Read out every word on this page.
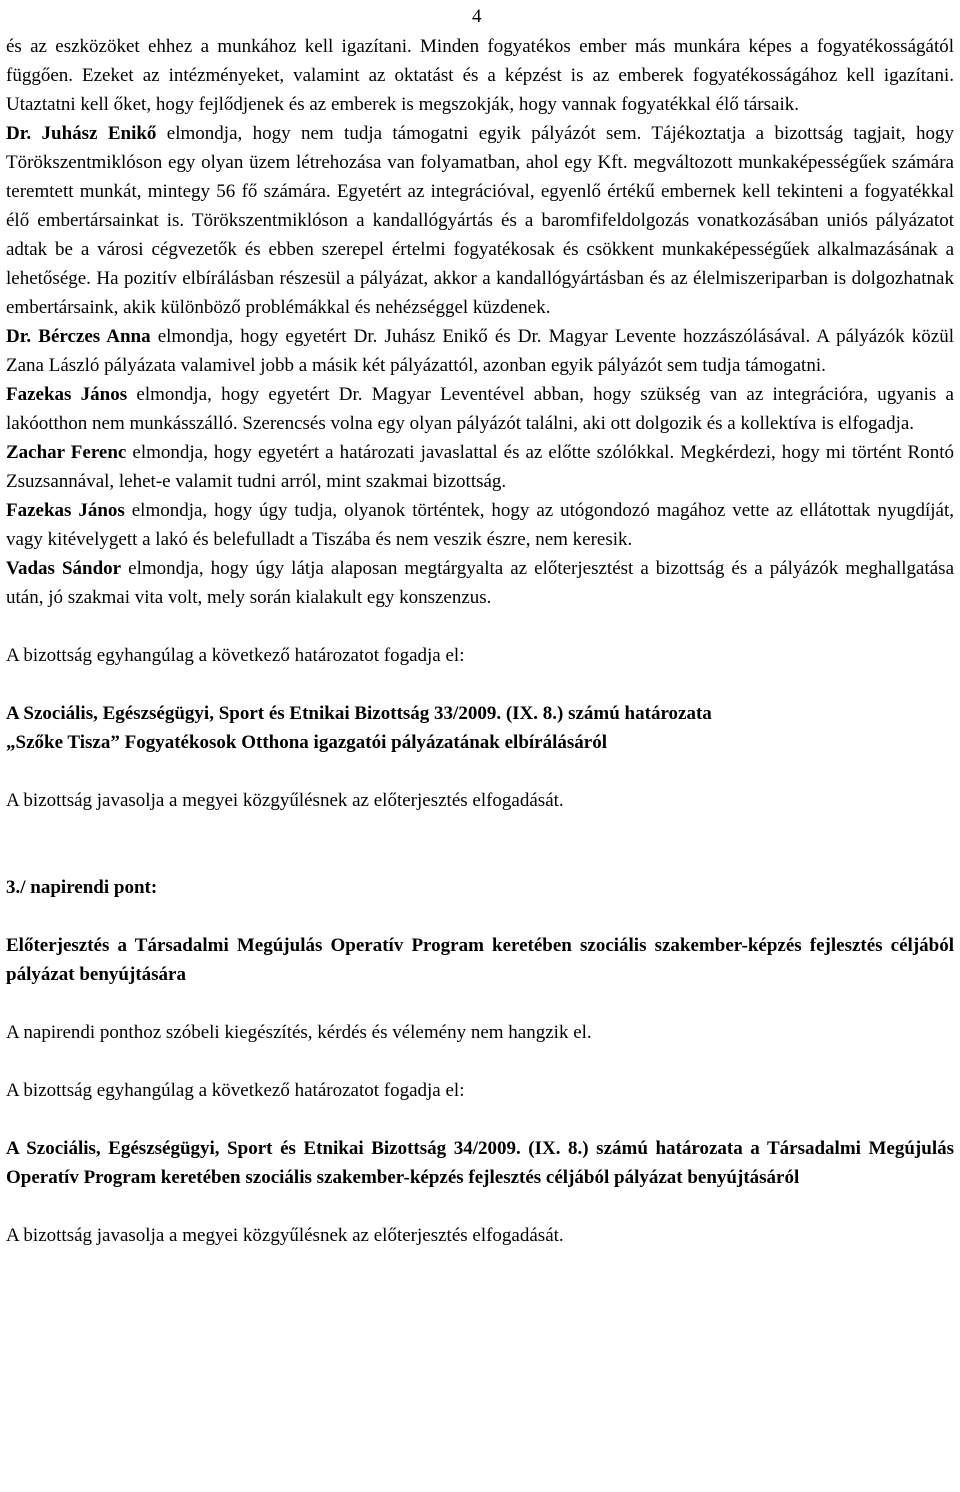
4

és az eszközöket ehhez a munkához kell igazítani. Minden fogyatékos ember más munkára képes a fogyatékosságától függően. Ezeket az intézményeket, valamint az oktatást és a képzést is az emberek fogyatékosságához kell igazítani. Utaztatni kell őket, hogy fejlődjenek és az emberek is megszokják, hogy vannak fogyatékkal élő társaik.

Dr. Juhász Enikő elmondja, hogy nem tudja támogatni egyik pályázót sem. Tájékoztatja a bizottság tagjait, hogy Törökszentmiklóson egy olyan üzem létrehozása van folyamatban, ahol egy Kft. megváltozott munkaképességűek számára teremtett munkát, mintegy 56 fő számára. Egyetért az integrációval, egyenlő értékű embernek kell tekinteni a fogyatékkal élő embertársainkat is. Törökszentmiklóson a kandallógyártás és a baromfifeldolgozás vonatkozásában uniós pályázatot adtak be a városi cégvezetők és ebben szerepel értelmi fogyatékosak és csökkent munkaképességűek alkalmazásának a lehetősége. Ha pozitív elbírálásban részesül a pályázat, akkor a kandallógyártásban és az élelmiszeriparban is dolgozhatnak embertársaink, akik különböző problémákkal és nehézséggel küzdenek.

Dr. Bérczes Anna elmondja, hogy egyetért Dr. Juhász Enikő és Dr. Magyar Levente hozzászólásával. A pályázók közül Zana László pályázata valamivel jobb a másik két pályázattól, azonban egyik pályázót sem tudja támogatni.

Fazekas János elmondja, hogy egyetért Dr. Magyar Leventével abban, hogy szükség van az integrációra, ugyanis a lakóotthon nem munkásszálló. Szerencsés volna egy olyan pályázót találni, aki ott dolgozik és a kollektíva is elfogadja.

Zachar Ferenc elmondja, hogy egyetért a határozati javaslattal és az előtte szólókkal. Megkérdezi, hogy mi történt Rontó Zsuzsannával, lehet-e valamit tudni arról, mint szakmai bizottság.

Fazekas János elmondja, hogy úgy tudja, olyanok történtek, hogy az utógondozó magához vette az ellátottak nyugdíját, vagy kitévelygett a lakó és belefulladt a Tiszába és nem veszik észre, nem keresik.

Vadas Sándor elmondja, hogy úgy látja alaposan megtárgyalta az előterjesztést a bizottság és a pályázók meghallgatása után, jó szakmai vita volt, mely során kialakult egy konszenzus.

A bizottság egyhangúlag a következő határozatot fogadja el:

A Szociális, Egészségügyi, Sport és Etnikai Bizottság 33/2009. (IX. 8.) számú határozata

„Szőke Tisza” Fogyatékosok Otthona igazgatói pályázatának elbírálásáról

A bizottság javasolja a megyei közgyűlésnek az előterjesztés elfogadását.

3./ napirendi pont:

Előterjesztés a Társadalmi Megújulás Operatív Program keretében szociális szakember-képzés fejlesztés céljából pályázat benyújtására

A napirendi ponthoz szóbeli kiegészítés, kérdés és vélemény nem hangzik el.

A bizottság egyhangúlag a következő határozatot fogadja el:

A Szociális, Egészségügyi, Sport és Etnikai Bizottság 34/2009. (IX. 8.) számú határozata a Társadalmi Megújulás Operatív Program keretében szociális szakember-képzés fejlesztés céljából pályázat benyújtásáról

A bizottság javasolja a megyei közgyűlésnek az előterjesztés elfogadását.
